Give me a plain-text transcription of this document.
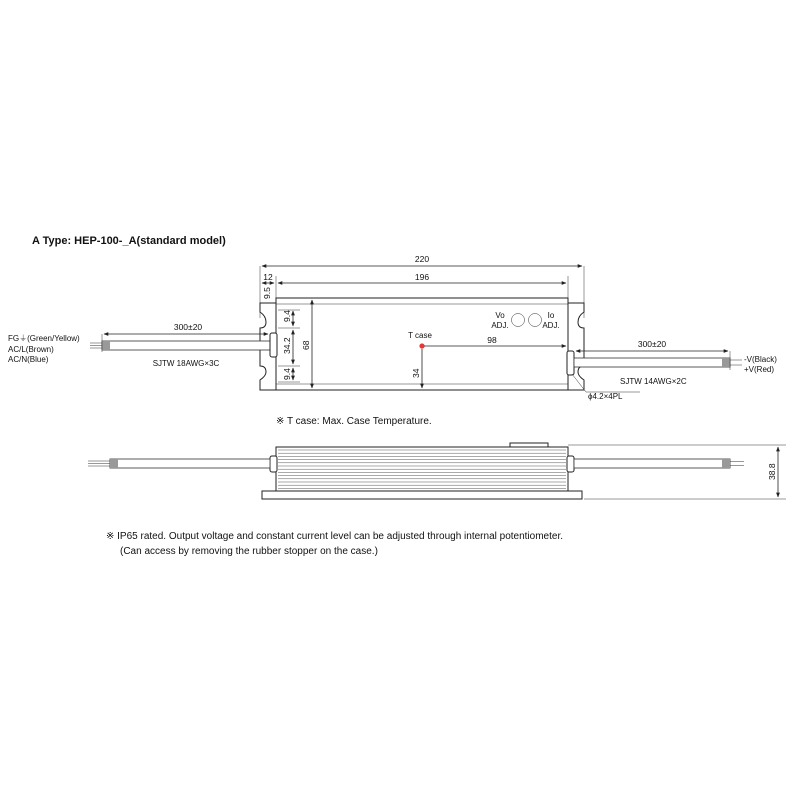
A Type: HEP-100-_A(standard model)
220
12	196
9.5
9.4
34.2
9.4
68
T case	98
34
Vo
ADJ.
Io
ADJ.
300±20
SJTW 18AWG×3C
FG⏚(Green/Yellow)
AC/L(Brown)
AC/N(Blue)
300±20
SJTW 14AWG×2C
-V(Black)
+V(Red)
ϕ4.2×4PL
※ T case: Max. Case Temperature.
38.8
※ IP65 rated. Output voltage and constant current level can be adjusted through internal potentiometer.
(Can access by removing the rubber stopper on the case.)
